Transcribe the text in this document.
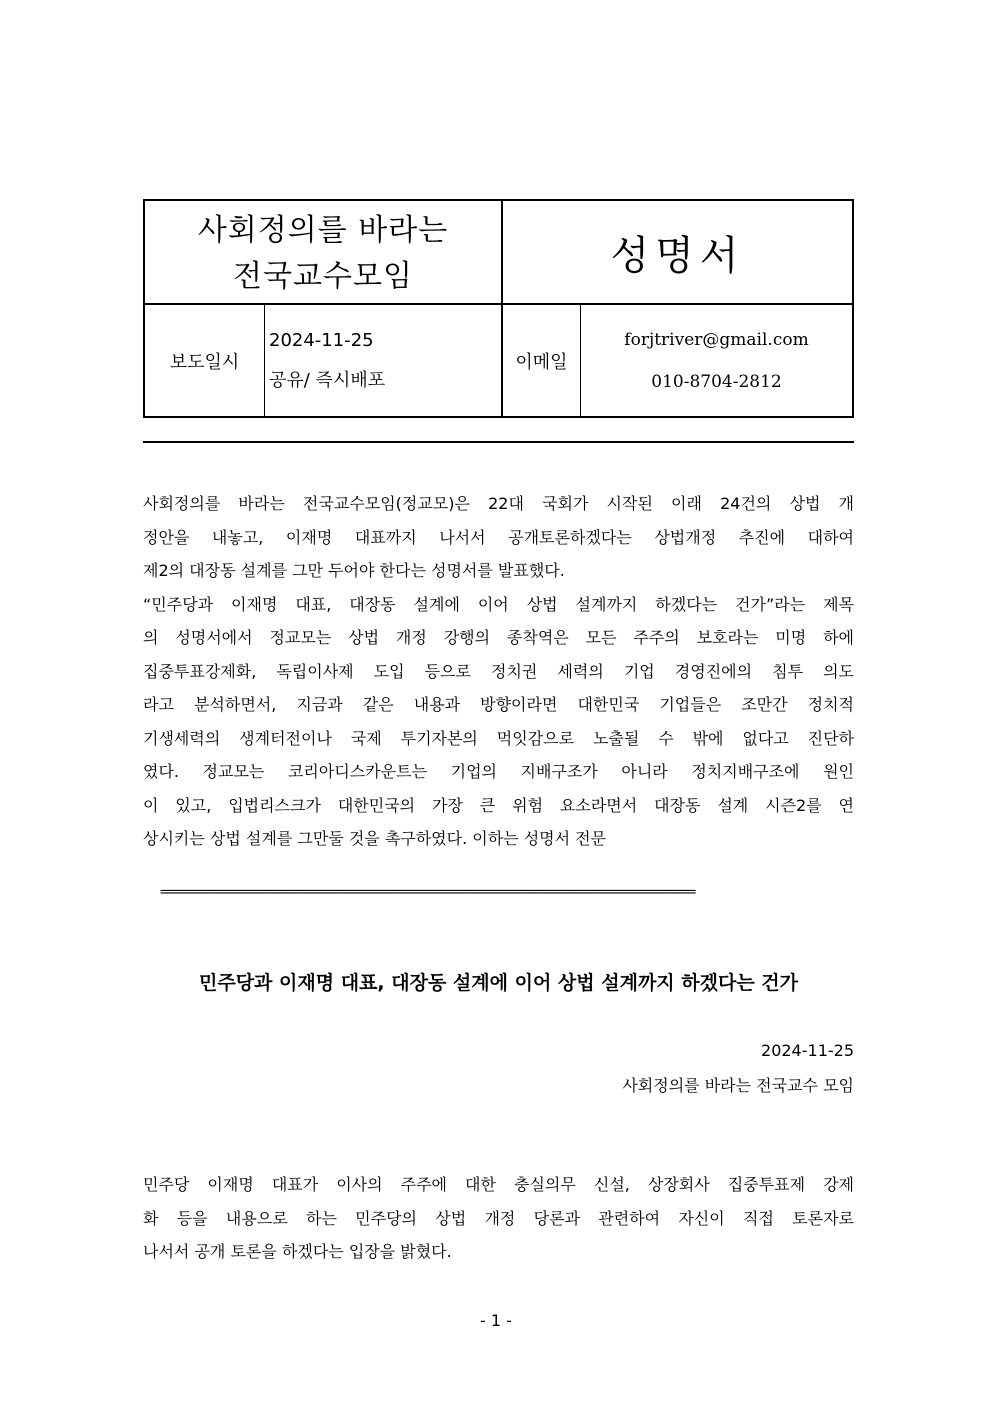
사회정의를 바라는
전국교수모임	성명서
보도일시
2024-11-25
공유/ 즉시배포
이메일
forjtriver@gmail.com
010-8704-2812
사회정의를 바라는 전국교수모임(정교모)은 22대 국회가 시작된 이래 24건의 상법 개
정안을 내놓고, 이재명 대표까지 나서서 공개토론하겠다는 상법개정 추진에 대하여
제2의 대장동 설계를 그만 두어야 한다는 성명서를 발표했다.
“민주당과 이재명 대표, 대장동 설계에 이어 상법 설계까지 하겠다는 건가”라는 제목
의 성명서에서 정교모는 상법 개정 강행의 종착역은 모든 주주의 보호라는 미명 하에
집중투표강제화, 독립이사제 도입 등으로 정치권 세력의 기업 경영진에의 침투 의도
라고 분석하면서, 지금과 같은 내용과 방향이라면 대한민국 기업들은 조만간 정치적
기생세력의 생계터전이나 국제 투기자본의 먹잇감으로 노출될 수 밖에 없다고 진단하
였다. 정교모는 코리아디스카운트는 기업의 지배구조가 아니라 정치지배구조에 원인
이 있고, 입법리스크가 대한민국의 가장 큰 위험 요소라면서 대장동 설계 시즌2를 연
상시키는 상법 설계를 그만둘 것을 촉구하였다. 이하는 성명서 전문
================================================================================
민주당과 이재명 대표, 대장동 설계에 이어 상법 설계까지 하겠다는 건가
2024-11-25
사회정의를 바라는 전국교수 모임
민주당 이재명 대표가 이사의 주주에 대한 충실의무 신설, 상장회사 집중투표제 강제
화 등을 내용으로 하는 민주당의 상법 개정 당론과 관련하여 자신이 직접 토론자로
나서서 공개 토론을 하겠다는 입장을 밝혔다.
- 1 -
